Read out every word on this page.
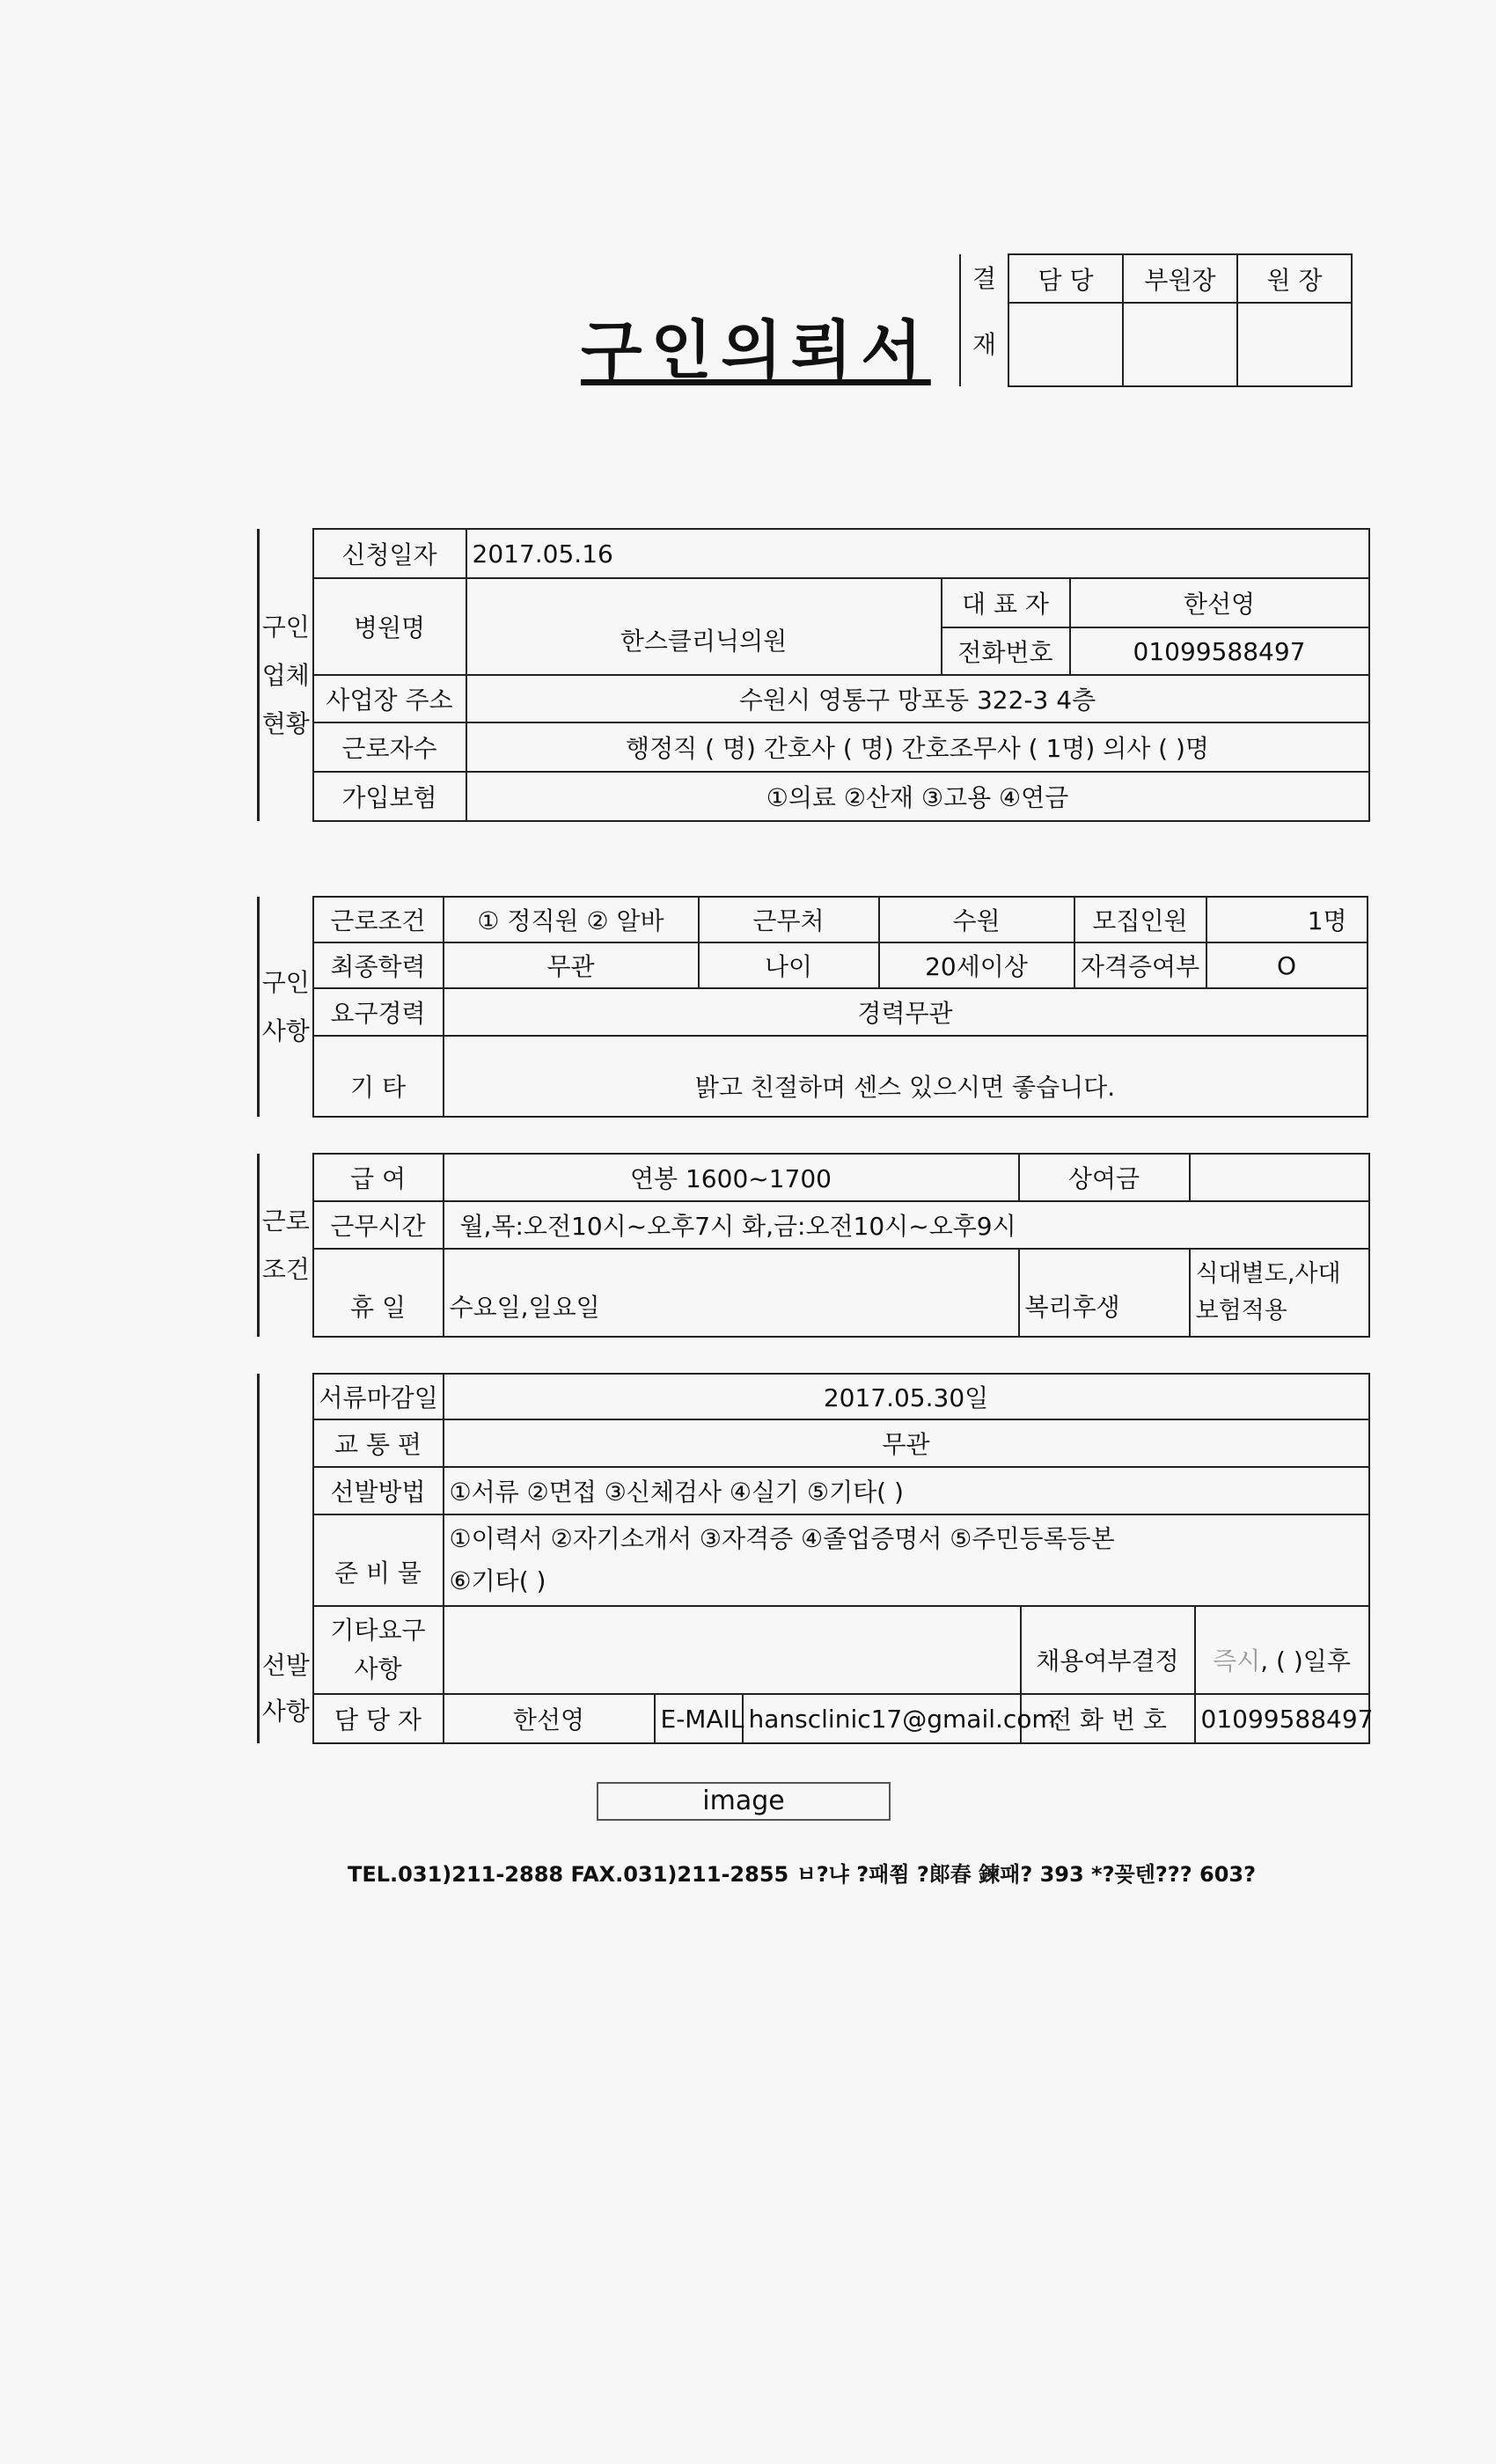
구인의뢰서
결	담 당	부원장	원 장
재			
구인업체현황	신청일자	2017.05.16		
	병원명	한스클리닉의원	대 표 자	한선영
			전화번호	01099588497
	사업장 주소	수원시 영통구 망포동 322-3 4층		
	근로자수	행정직 ( 명) 간호사 ( 명) 간호조무사 ( 1명) 의사 ( )명		
	가입보험	①의료 ②산재 ③고용 ④연금		
구인사항	근로조건	① 정직원 ② 알바	근무처	수원	모집인원	1명
	최종학력	무관	나이	20세이상	자격증여부	O
	요구경력	경력무관				
	기 타	밝고 친절하며 센스 있으시면 좋습니다.				
근로조건	급 여	연봉 1600~1700	상여금	
	근무시간	월,목:오전10시~오후7시 화,금:오전10시~오후9시		
	휴 일	수요일,일요일	복리후생	식대별도,사대보험적용
선발사항	서류마감일	2017.05.30일				
	교 통 편	무관				
	선발방법	①서류 ②면접 ③신체검사 ④실기 ⑤기타( )				
	준 비 물	①이력서 ②자기소개서 ③자격증 ④졸업증명서 ⑤주민등록등본
⑥기타( )				

	기타요구사항				채용여부결정	즉시, ( )일후
	담 당 자	한선영	E-MAIL	hansclinic17@gmail.com	전 화 번 호	01099588497
image
TEL.031)211-2888 FAX.031)211-2855 ㅂ?냐 ?패쬠 ?郞春 鍊패? 393 *?꽂텐??? 603?
